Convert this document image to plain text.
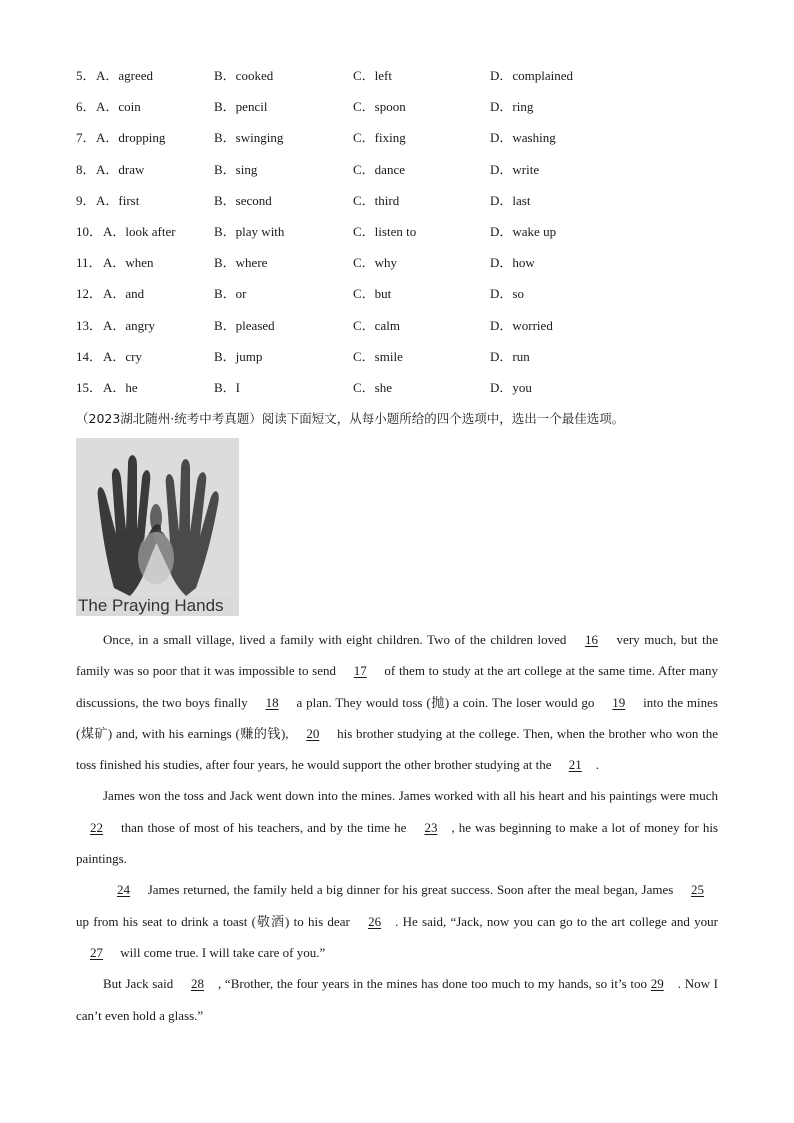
5． A．agreed	B．cooked	C．left	D．complained
6． A．coin	B．pencil	C．spoon	D．ring
7． A．dropping	B．swinging	C．fixing	D．washing
8． A．draw	B．sing	C．dance	D．write
9． A．first	B．second	C．third	D．last
10． A．look after	B．play with	C．listen to	D．wake up
11． A．when	B．where	C．why	D．how
12． A．and	B．or	C．but	D．so
13． A．angry	B．pleased	C．calm	D．worried
14． A．cry	B．jump	C．smile	D．run
15． A．he	B．I	C．she	D．you
（2023湖北随州·统考中考真题）阅读下面短文，从每小题所给的四个选项中，选出一个最佳选项。
The Praying Hands

Once, in a small village, lived a family with eight children. Two of the children loved 16 very much, but the family was so poor that it was impossible to send 17 of them to study at the art college at the same time. After many discussions, the two boys finally 18 a plan. They would toss (抛) a coin. The loser would go 19 into the mines (煤矿) and, with his earnings (赚的钱), 20 his brother studying at the college. Then, when the brother who won the toss finished his studies, after four years, he would support the other brother studying at the 21 .

James won the toss and Jack went down into the mines. James worked with all his heart and his paintings were much 22 than those of most of his teachers, and by the time he 23 , he was beginning to make a lot of money for his paintings.

24 James returned, the family held a big dinner for his great success. Soon after the meal began, James 25 up from his seat to drink a toast (敬酒) to his dear 26 . He said, “Jack, now you can go to the art college and your 27 will come true. I will take care of you.”

But Jack said 28 , “Brother, the four years in the mines has done too much to my hands, so it’s too 29 . Now I can’t even hold a glass.”
